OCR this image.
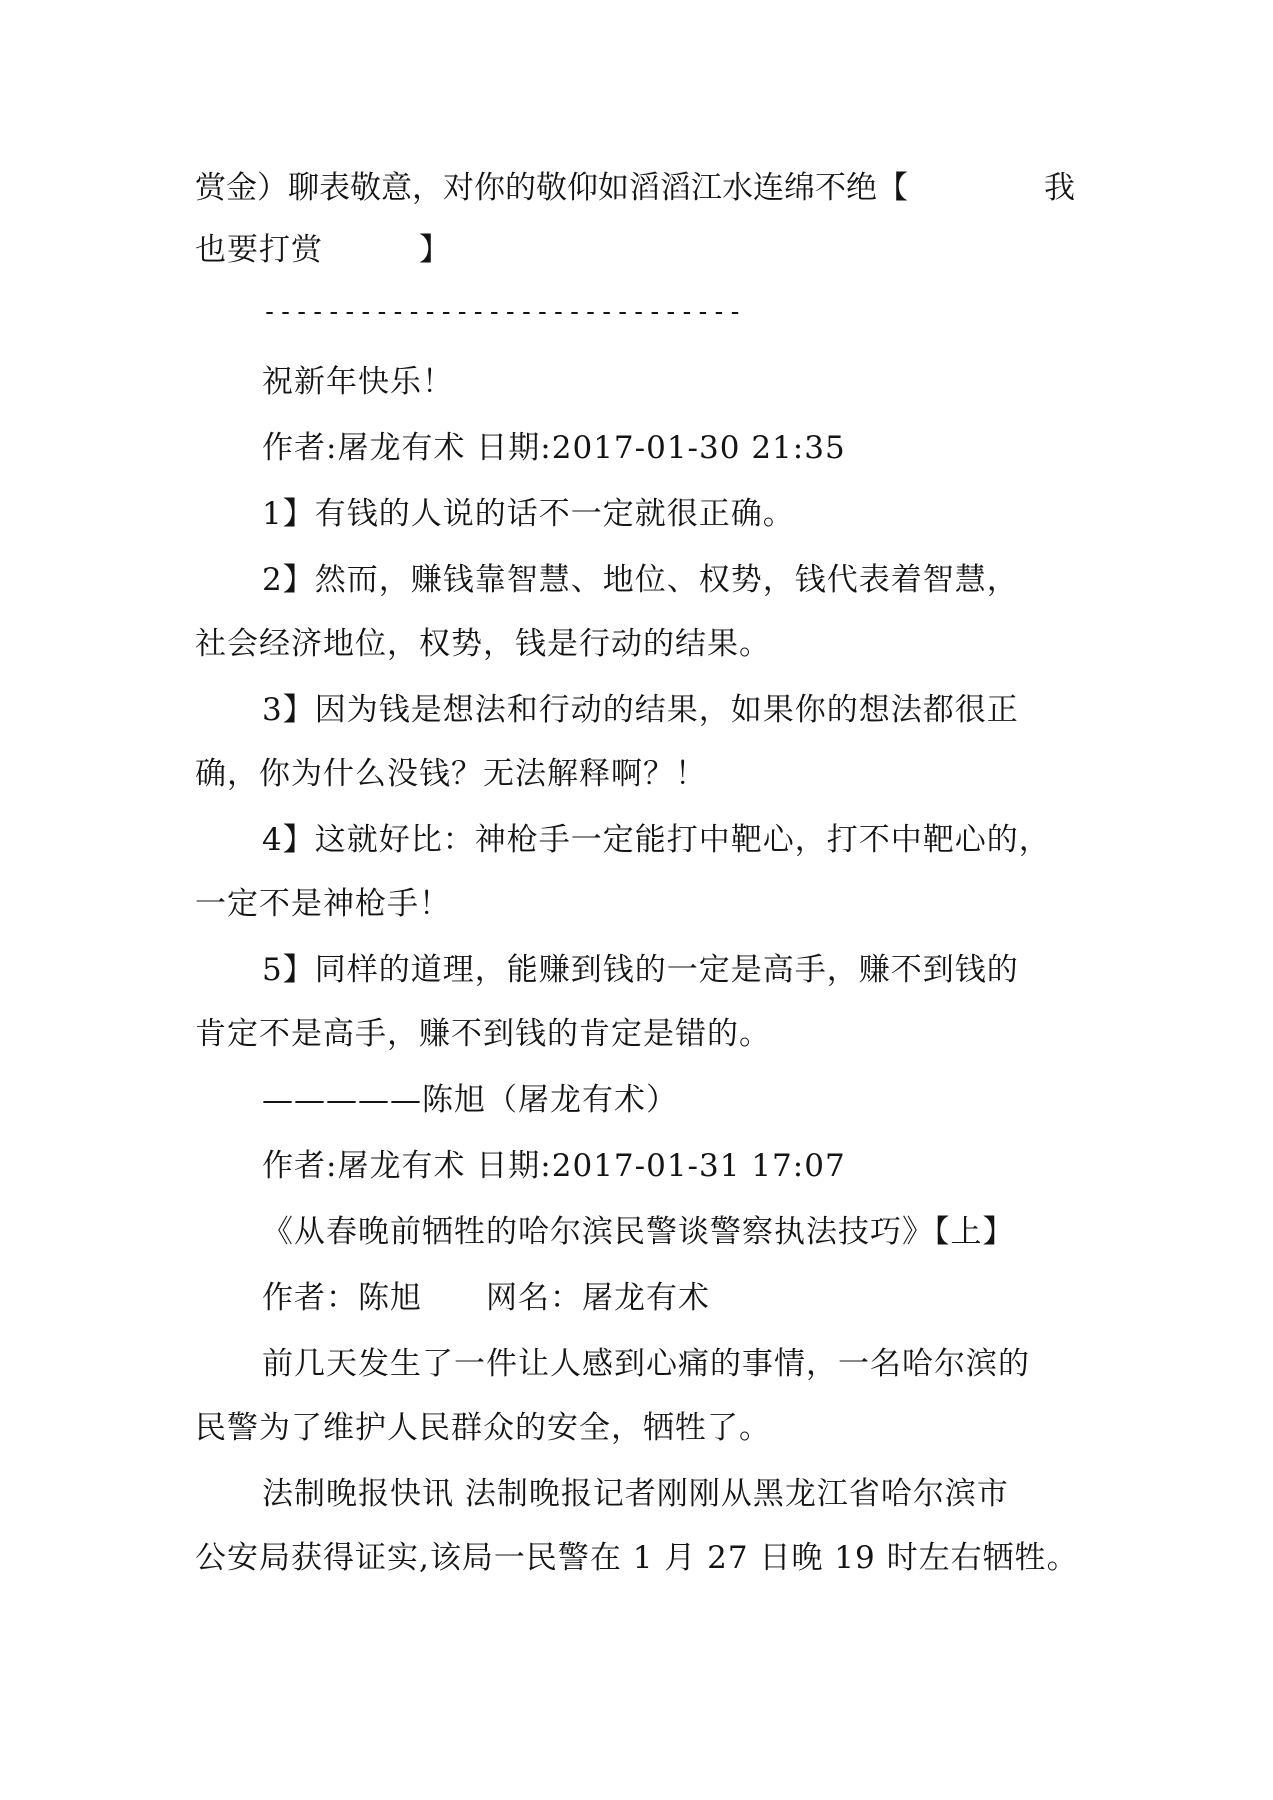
赏金）聊表敬意，对你的敬仰如滔滔江水连绵不绝【	我
也要打赏　　　】
------------------------------
祝新年快乐！
作者:屠龙有术 日期:2017-01-30 21:35
1】有钱的人说的话不一定就很正确。
2】然而，赚钱靠智慧、地位、权势，钱代表着智慧，
社会经济地位，权势，钱是行动的结果。
3】因为钱是想法和行动的结果，如果你的想法都很正
确，你为什么没钱？无法解释啊？！
4】这就好比：神枪手一定能打中靶心，打不中靶心的，
一定不是神枪手！
5】同样的道理，能赚到钱的一定是高手，赚不到钱的
肯定不是高手，赚不到钱的肯定是错的。
—————陈旭（屠龙有术）
作者:屠龙有术 日期:2017-01-31 17:07
《从春晚前牺牲的哈尔滨民警谈警察执法技巧》【上】
作者：陈旭　　网名：屠龙有术
前几天发生了一件让人感到心痛的事情，一名哈尔滨的
民警为了维护人民群众的安全，牺牲了。
法制晚报快讯 法制晚报记者刚刚从黑龙江省哈尔滨市
公安局获得证实,该局一民警在 1 月 27 日晚 19 时左右牺牲。
